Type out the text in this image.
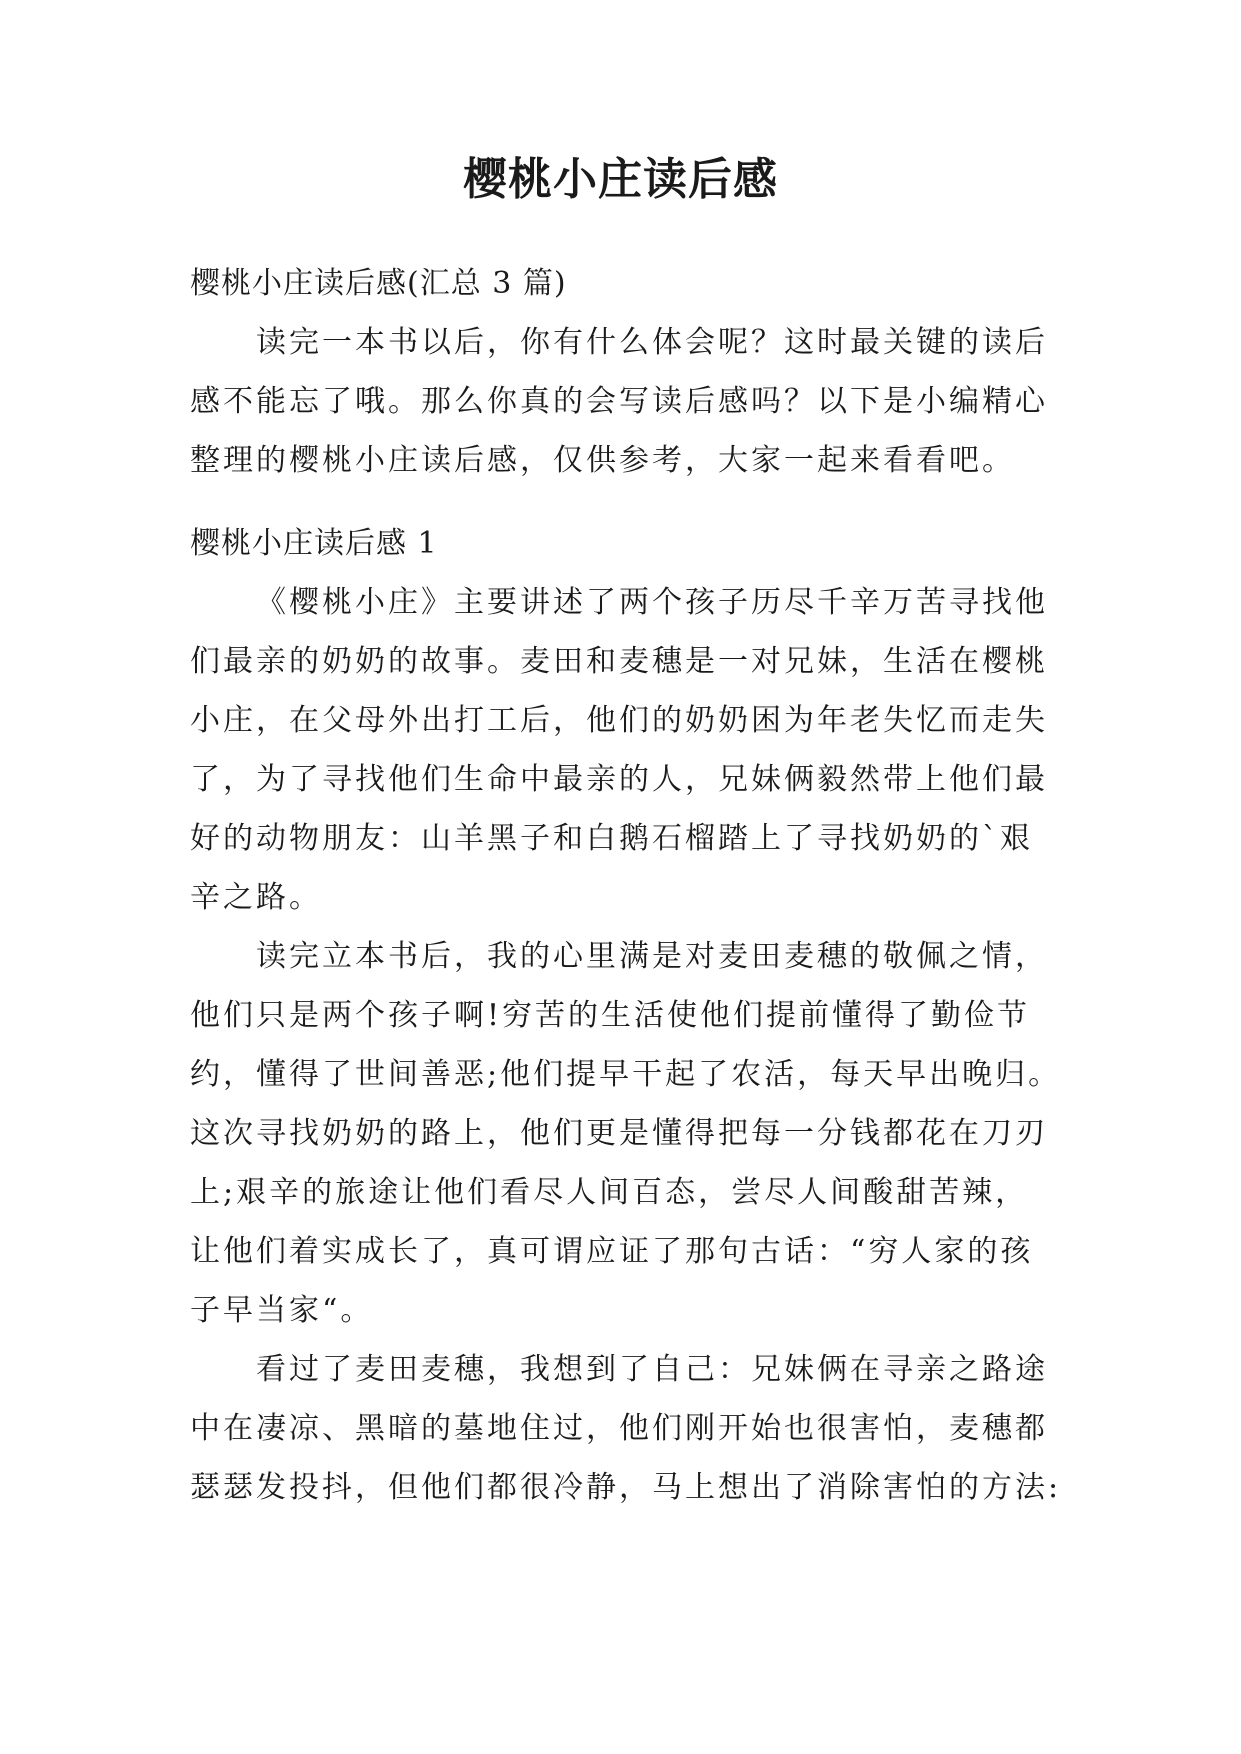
樱桃小庄读后感
樱桃小庄读后感(汇总 3 篇)
读完一本书以后，你有什么体会呢？这时最关键的读后
感不能忘了哦。那么你真的会写读后感吗？以下是小编精心
整理的樱桃小庄读后感，仅供参考，大家一起来看看吧。
樱桃小庄读后感 1
《樱桃小庄》主要讲述了两个孩子历尽千辛万苦寻找他
们最亲的奶奶的故事。麦田和麦穗是一对兄妹，生活在樱桃
小庄，在父母外出打工后，他们的奶奶困为年老失忆而走失
了，为了寻找他们生命中最亲的人，兄妹俩毅然带上他们最
好的动物朋友：山羊黑子和白鹅石榴踏上了寻找奶奶的`艰
辛之路。
读完立本书后，我的心里满是对麦田麦穗的敬佩之情，
他们只是两个孩子啊!穷苦的生活使他们提前懂得了勤俭节
约，懂得了世间善恶;他们提早干起了农活，每天早出晚归。
这次寻找奶奶的路上，他们更是懂得把每一分钱都花在刀刃
上;艰辛的旅途让他们看尽人间百态，尝尽人间酸甜苦辣，
让他们着实成长了，真可谓应证了那句古话：“穷人家的孩
子早当家“。
看过了麦田麦穗，我想到了自己：兄妹俩在寻亲之路途
中在凄凉、黑暗的墓地住过，他们刚开始也很害怕，麦穗都
瑟瑟发投抖，但他们都很冷静，马上想出了消除害怕的方法:
